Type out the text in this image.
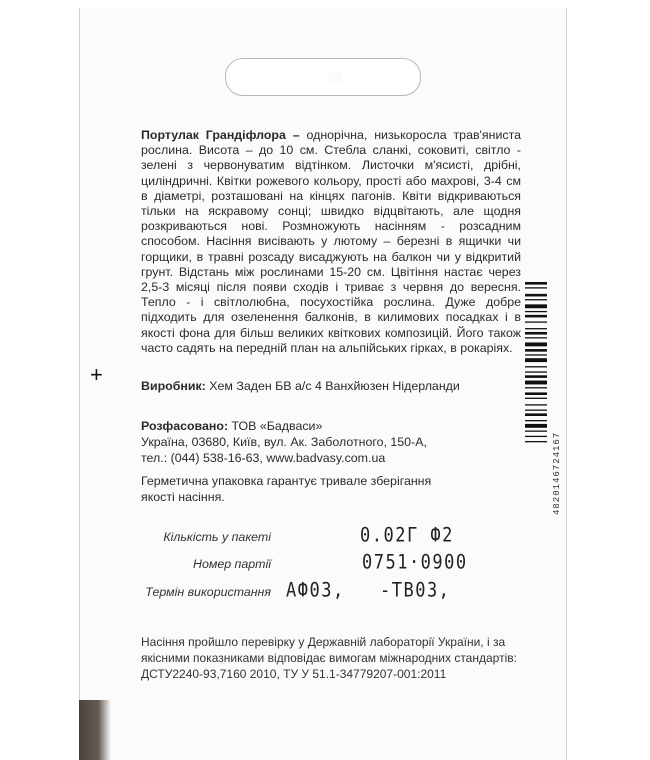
Портулак Грандіфлора – однорічна, низькоросла трав'яниста рослина. Висота – до 10 см. Стебла сланкі, соковиті, світло - зелені з червонуватим відтінком. Листочки м'ясисті, дрібні, циліндричні. Квітки рожевого кольору, прості або махрові, 3-4 см в діаметрі, розташовані на кінцях пагонів. Квіти відкриваються тільки на яскравому сонці; швидко відцвітають, але щодня розкриваються нові. Розмножують насінням - розсадним способом. Насіння висівають у лютому – березні в ящички чи горщики, в травні розсаду висаджують на балкон чи у відкритий грунт. Відстань між рослинами 15-20 см. Цвітіння настає через 2,5-3 місяці після появи сходів і триває з червня до вересня. Тепло - і світлолюбна, посухостійка рослина. Дуже добре підходить для озеленення балконів, в килимових посадках і в якості фона для більш великих квіткових композицій. Його також часто садять на передній план на альпійських гірках, в рокаріях.
+	Виробник: Хем Заден БВ а/с 4 Ванхйюзен Нідерланди
Розфасовано: ТОВ «Бадваси»
Україна, 03680, Київ, вул. Ак. Заболотного, 150-А,
тел.: (044) 538-16-63, www.badvasy.com.ua
Герметична упаковка гарантує тривале зберігання якості насіння.
Кількість у пакеті	0.02Г Ф2
Номер партії	0751·0900
Термін використання АФ03, -ТВ03,
Насіння пройшло перевірку у Державній лабораторії України, і за якісними показниками відповідає вимогам міжнародних стандартів: ДСТУ2240-93,7160 2010, ТУ У 51.1-34779207-001:2011
